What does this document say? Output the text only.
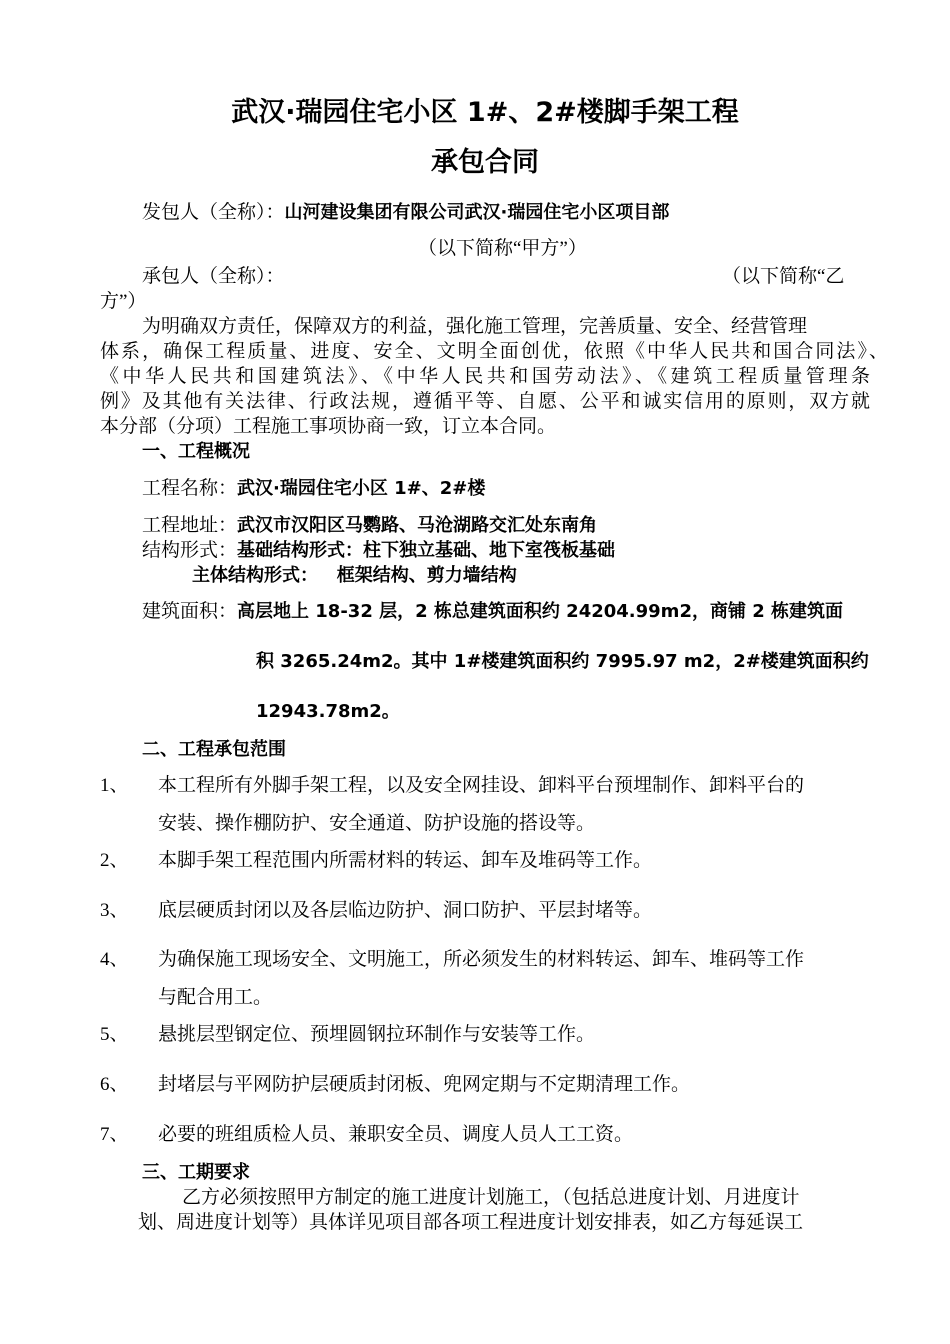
武汉·瑞园住宅小区 1#、2#楼脚手架工程
承包合同
发包人（全称）：山河建设集团有限公司武汉·瑞园住宅小区项目部
（以下简称“甲方”）
承包人（全称）：	（以下简称“乙
方”）
为明确双方责任，保障双方的利益，强化施工管理，完善质量、安全、经营管理
体系，确保工程质量、进度、安全、文明全面创优，依照《中华人民共和国合同法》、
《中华人民共和国建筑法》、《中华人民共和国劳动法》、《建筑工程质量管理条
例》及其他有关法律、行政法规，遵循平等、自愿、公平和诚实信用的原则，双方就
本分部（分项）工程施工事项协商一致，订立本合同。
一、工程概况
工程名称：武汉·瑞园住宅小区 1#、2#楼
工程地址：武汉市汉阳区马鹦路、马沧湖路交汇处东南角
结构形式：基础结构形式：柱下独立基础、地下室筏板基础
主体结构形式：   框架结构、剪力墙结构
建筑面积：高层地上 18-32 层，2 栋总建筑面积约 24204.99m2，商铺 2 栋建筑面
积 3265.24m2。其中 1#楼建筑面积约 7995.97 m2，2#楼建筑面积约
12943.78m2。
二、工程承包范围
1、 本工程所有外脚手架工程，以及安全网挂设、卸料平台预埋制作、卸料平台的
安装、操作棚防护、安全通道、防护设施的搭设等。
2、 本脚手架工程范围内所需材料的转运、卸车及堆码等工作。
3、 底层硬质封闭以及各层临边防护、洞口防护、平层封堵等。
4、 为确保施工现场安全、文明施工，所必须发生的材料转运、卸车、堆码等工作
与配合用工。
5、 悬挑层型钢定位、预埋圆钢拉环制作与安装等工作。
6、 封堵层与平网防护层硬质封闭板、兜网定期与不定期清理工作。
7、 必要的班组质检人员、兼职安全员、调度人员人工工资。
三、工期要求
乙方必须按照甲方制定的施工进度计划施工，（包括总进度计划、月进度计
划、周进度计划等）具体详见项目部各项工程进度计划安排表，如乙方每延误工
